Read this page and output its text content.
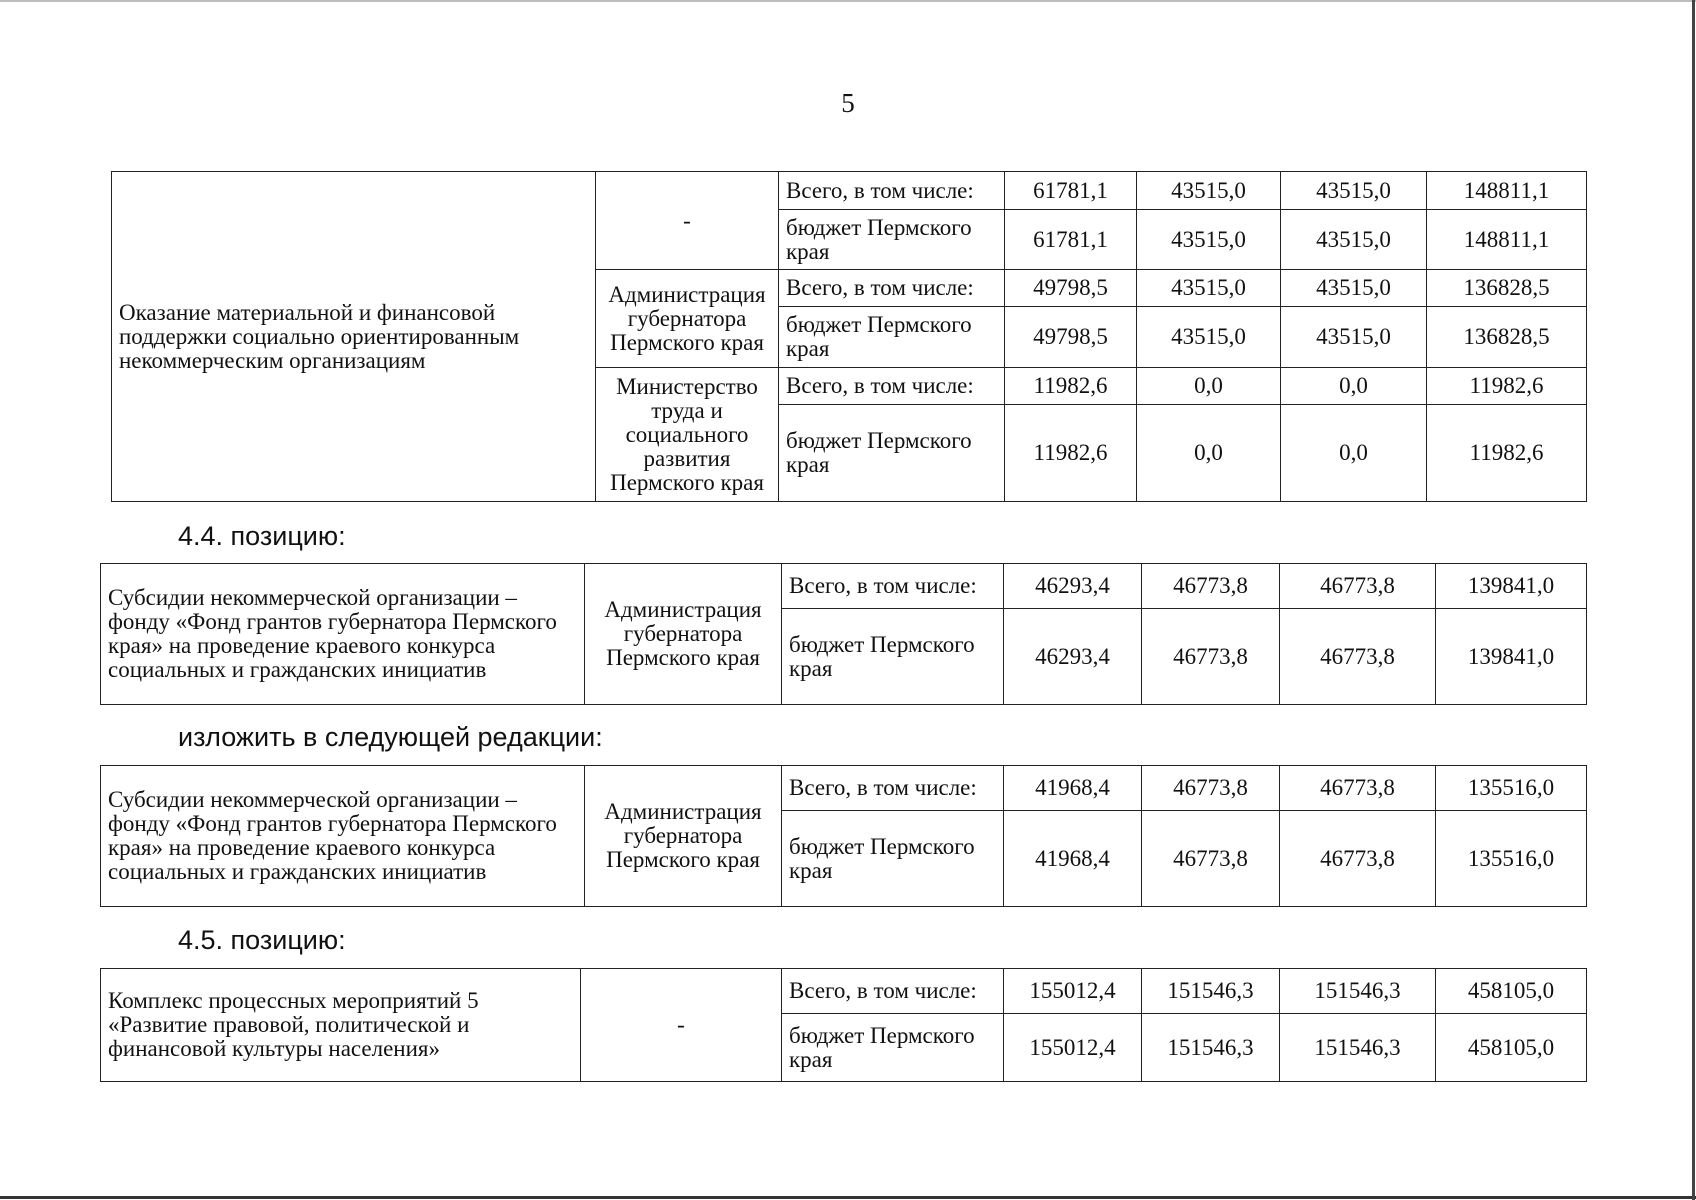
5
Оказание материальной и финансовой поддержки социально ориентированным некоммерческим организациям	-	Всего, в том числе:	61781,1	43515,0	43515,0	148811,1
		бюджет Пермского края	61781,1	43515,0	43515,0	148811,1
	Администрация губернатора Пермского края	Всего, в том числе:	49798,5	43515,0	43515,0	136828,5
		бюджет Пермского края	49798,5	43515,0	43515,0	136828,5
	Министерство труда и социального развития Пермского края	Всего, в том числе:	11982,6	0,0	0,0	11982,6
		бюджет Пермского края	11982,6	0,0	0,0	11982,6
4.4. позицию:
Субсидии некоммерческой организации – фонду «Фонд грантов губернатора Пермского края» на проведение краевого конкурса социальных и гражданских инициатив	Администрация губернатора Пермского края	Всего, в том числе:	46293,4	46773,8	46773,8	139841,0
		бюджет Пермского края	46293,4	46773,8	46773,8	139841,0
изложить в следующей редакции:
Субсидии некоммерческой организации – фонду «Фонд грантов губернатора Пермского края» на проведение краевого конкурса социальных и гражданских инициатив	Администрация губернатора Пермского края	Всего, в том числе:	41968,4	46773,8	46773,8	135516,0
		бюджет Пермского края	41968,4	46773,8	46773,8	135516,0
4.5. позицию:
Комплекс процессных мероприятий 5 «Развитие правовой, политической и финансовой культуры населения»	-	Всего, в том числе:	155012,4	151546,3	151546,3	458105,0
		бюджет Пермского края	155012,4	151546,3	151546,3	458105,0
